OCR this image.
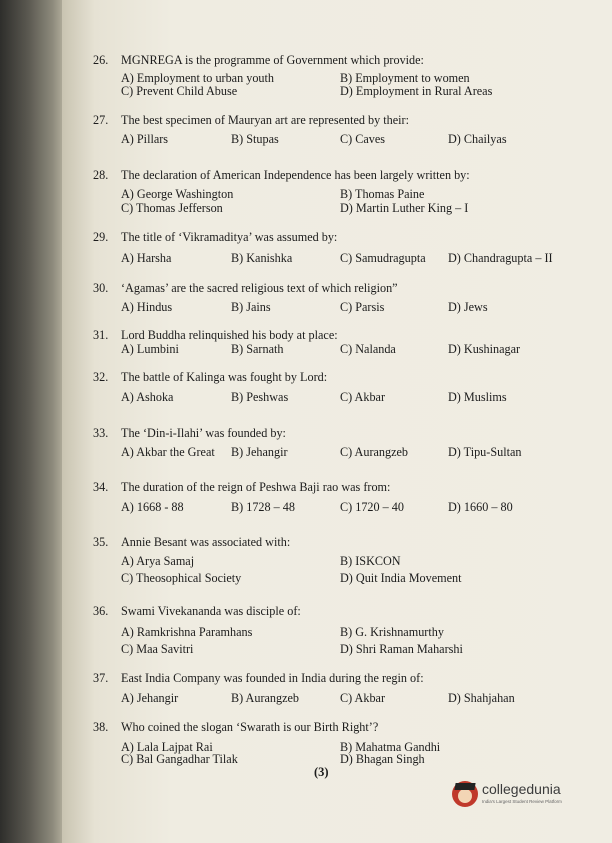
26. MGNREGA is the programme of Government which provide:
A) Employment to urban youth	B) Employment to women
C) Prevent Child Abuse	D) Employment in Rural Areas
27. The best specimen of Mauryan art are represented by their:
A) Pillars	B) Stupas	C) Caves	D) Chailyas
28. The declaration of American Independence has been largely written by:
A) George Washington	B) Thomas Paine
C) Thomas Jefferson	D) Martin Luther King – I
29. The title of ‘Vikramaditya’ was assumed by:
A) Harsha	B) Kanishka	C) Samudragupta D) Chandragupta – II
30. ‘Agamas’ are the sacred religious text of which religion”
A) Hindus	B) Jains	C) Parsis	D) Jews
31. Lord Buddha relinquished his body at place:
A) Lumbini	B) Sarnath	C) Nalanda	D) Kushinagar
32. The battle of Kalinga was fought by Lord:
A) Ashoka	B) Peshwas	C) Akbar	D) Muslims
33. The ‘Din-i-Ilahi’ was founded by:
A) Akbar the Great B) Jehangir	C) Aurangzeb	D) Tipu-Sultan
34. The duration of the reign of Peshwa Baji rao was from:
A) 1668 - 88	B) 1728 – 48	C) 1720 – 40	D) 1660 – 80
35. Annie Besant was associated with:
A) Arya Samaj	B) ISKCON
C) Theosophical Society	D) Quit India Movement
36. Swami Vivekananda was disciple of:
A) Ramkrishna Paramhans	B) G. Krishnamurthy
C) Maa Savitri	D) Shri Raman Maharshi
37. East India Company was founded in India during the regin of:
A) Jehangir	B) Aurangzeb	C) Akbar	D) Shahjahan
38. Who coined the slogan ‘Swarath is our Birth Right’?
A) Lala Lajpat Rai	B) Mahatma Gandhi
C) Bal Gangadhar Tilak	D) Bhagan Singh
(3)
collegedunia
India's Largest Student Review Platform
